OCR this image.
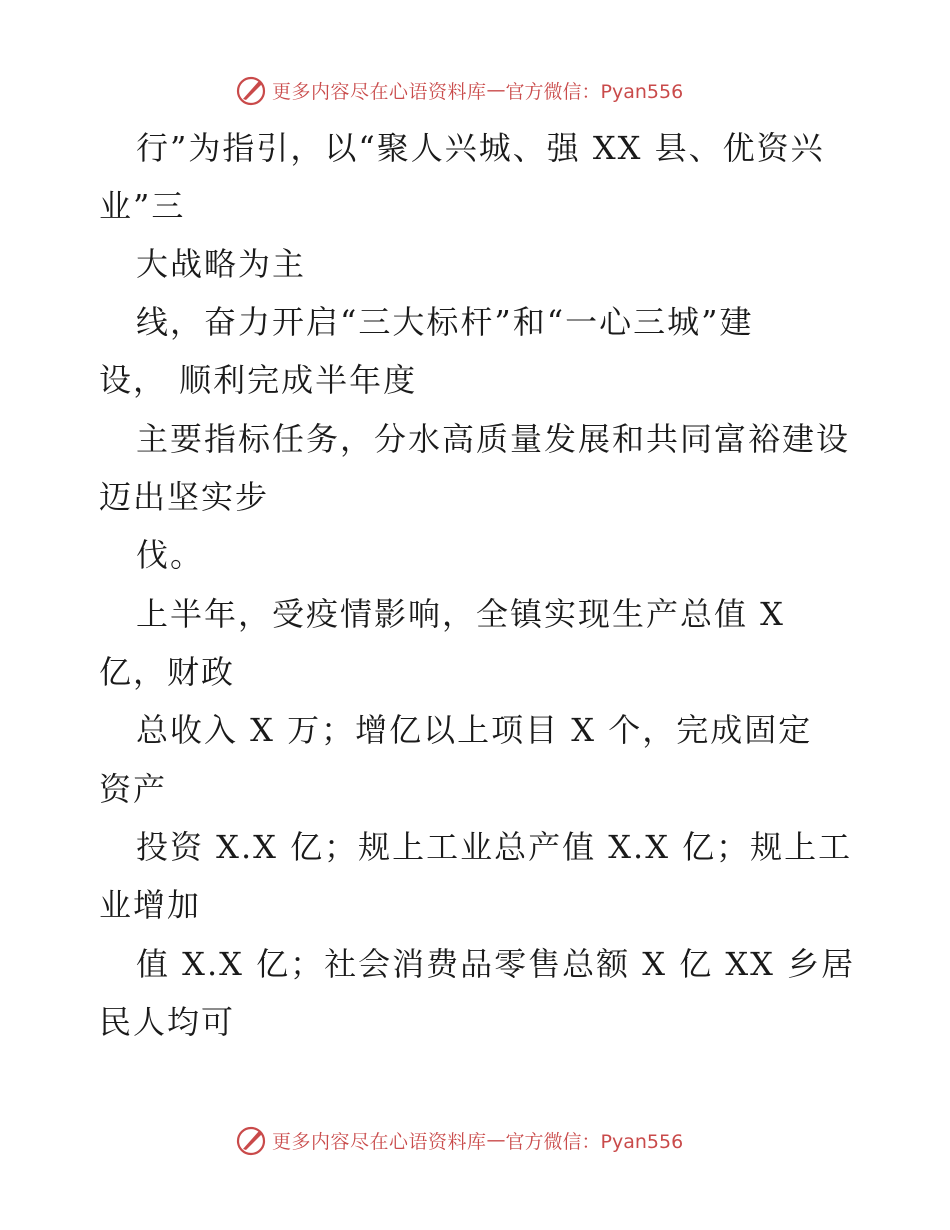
更多内容尽在心语资料库 — 官方微信：Pyan556
行”为指引，以“聚人兴城、强 XX 县、优资兴
业”三
大战略为主
线，奋力开启“三大标杆”和“一心三城”建
设， 顺利完成半年度
主要指标任务，分水高质量发展和共同富裕建设
迈出坚实步
伐。
上半年，受疫情影响，全镇实现生产总值 X
亿，财政
总收入 X 万；增亿以上项目 X 个，完成固定
资产
投资 X.X 亿；规上工业总产值 X.X 亿；规上工
业增加
值 X.X 亿；社会消费品零售总额 X 亿 XX 乡居
民人均可
更多内容尽在心语资料库 — 官方微信：Pyan556
